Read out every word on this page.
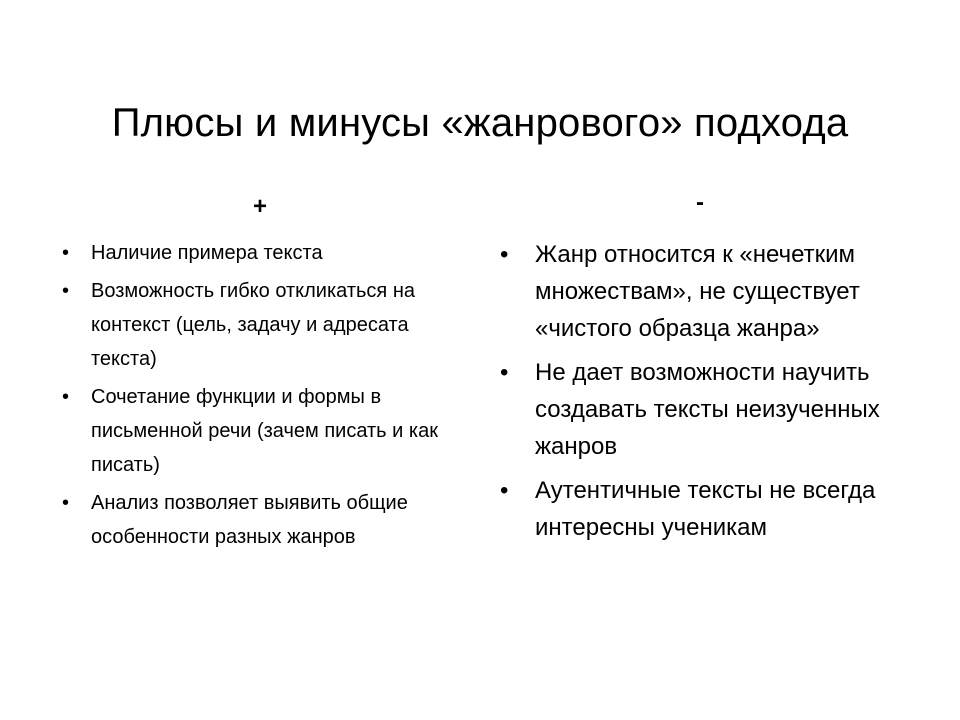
Плюсы и минусы «жанрового» подхода
+	-
• Наличие примера текста
• Возможность гибко откликаться на контекст (цель, задачу и адресата текста)
• Сочетание функции и формы в письменной речи (зачем писать и как писать)
• Анализ позволяет выявить общие особенности разных жанров
• Жанр относится к «нечетким множествам», не существует «чистого образца жанра»
• Не дает возможности научить создавать тексты неизученных жанров
• Аутентичные тексты не всегда интересны ученикам
